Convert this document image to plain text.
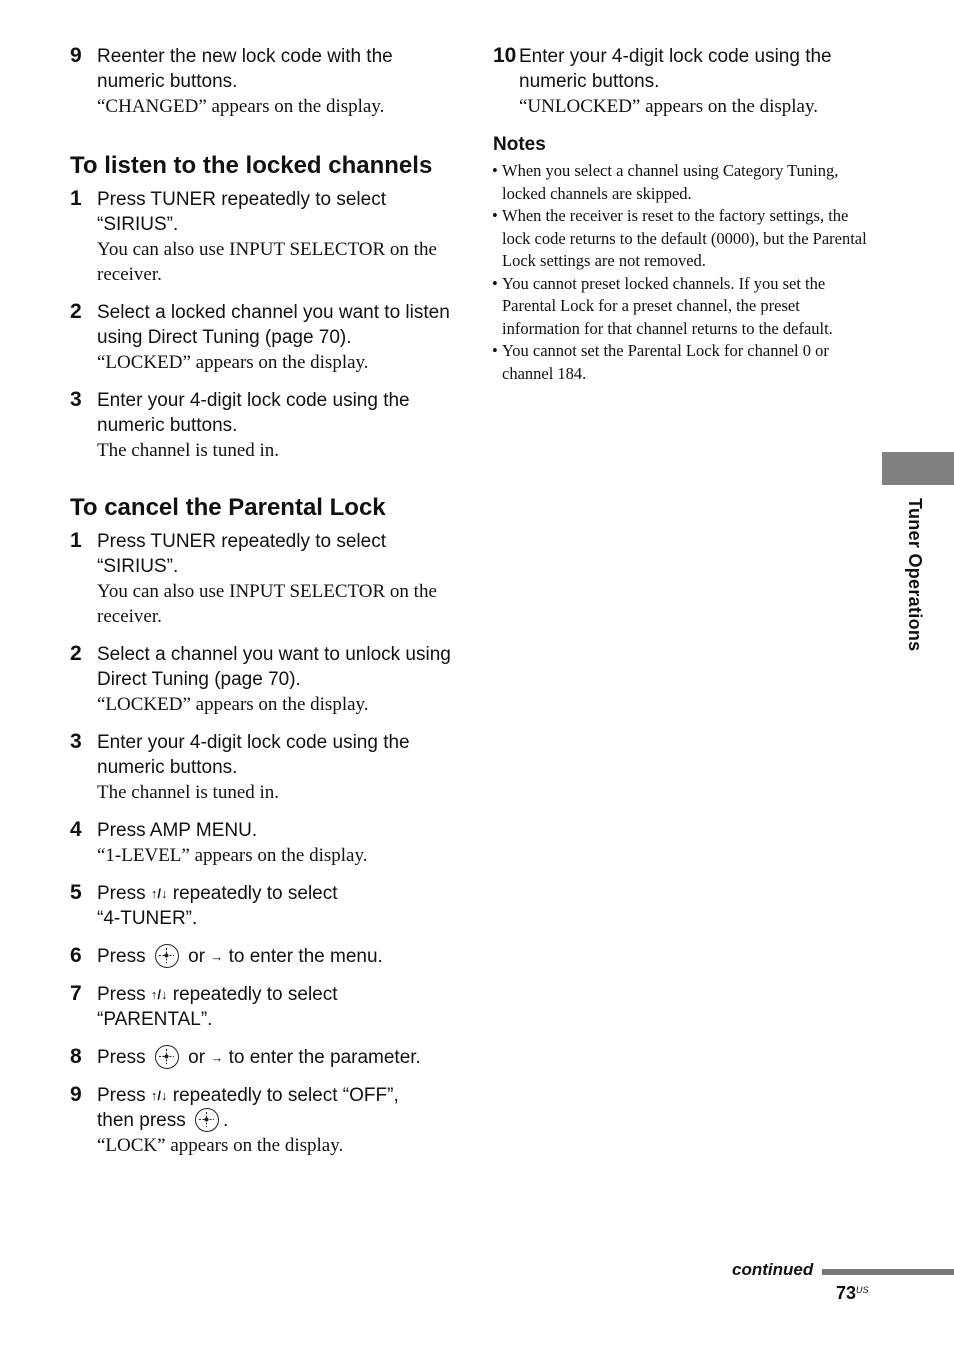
9 Reenter the new lock code with the numeric buttons.
“CHANGED” appears on the display.
To listen to the locked channels
1 Press TUNER repeatedly to select “SIRIUS”.
You can also use INPUT SELECTOR on the receiver.
2 Select a locked channel you want to listen using Direct Tuning (page 70).
“LOCKED” appears on the display.
3 Enter your 4-digit lock code using the numeric buttons.
The channel is tuned in.
To cancel the Parental Lock
1 Press TUNER repeatedly to select “SIRIUS”.
You can also use INPUT SELECTOR on the receiver.
2 Select a channel you want to unlock using Direct Tuning (page 70).
“LOCKED” appears on the display.
3 Enter your 4-digit lock code using the numeric buttons.
The channel is tuned in.
4 Press AMP MENU.
“1-LEVEL” appears on the display.
5 Press ↑/↓ repeatedly to select
“4-TUNER”.
6 Press or → to enter the menu.
7 Press ↑/↓ repeatedly to select
“PARENTAL”.
8 Press or → to enter the parameter.
9 Press ↑/↓ repeatedly to select “OFF”,
then press .
“LOCK” appears on the display.
10 Enter your 4-digit lock code using the numeric buttons.
“UNLOCKED” appears on the display.
Notes
• When you select a channel using Category Tuning, locked channels are skipped.
• When the receiver is reset to the factory settings, the lock code returns to the default (0000), but the Parental Lock settings are not removed.
• You cannot preset locked channels. If you set the Parental Lock for a preset channel, the preset information for that channel returns to the default.
• You cannot set the Parental Lock for channel 0 or channel 184.
Tuner Operations
continued
$73^{US}$
